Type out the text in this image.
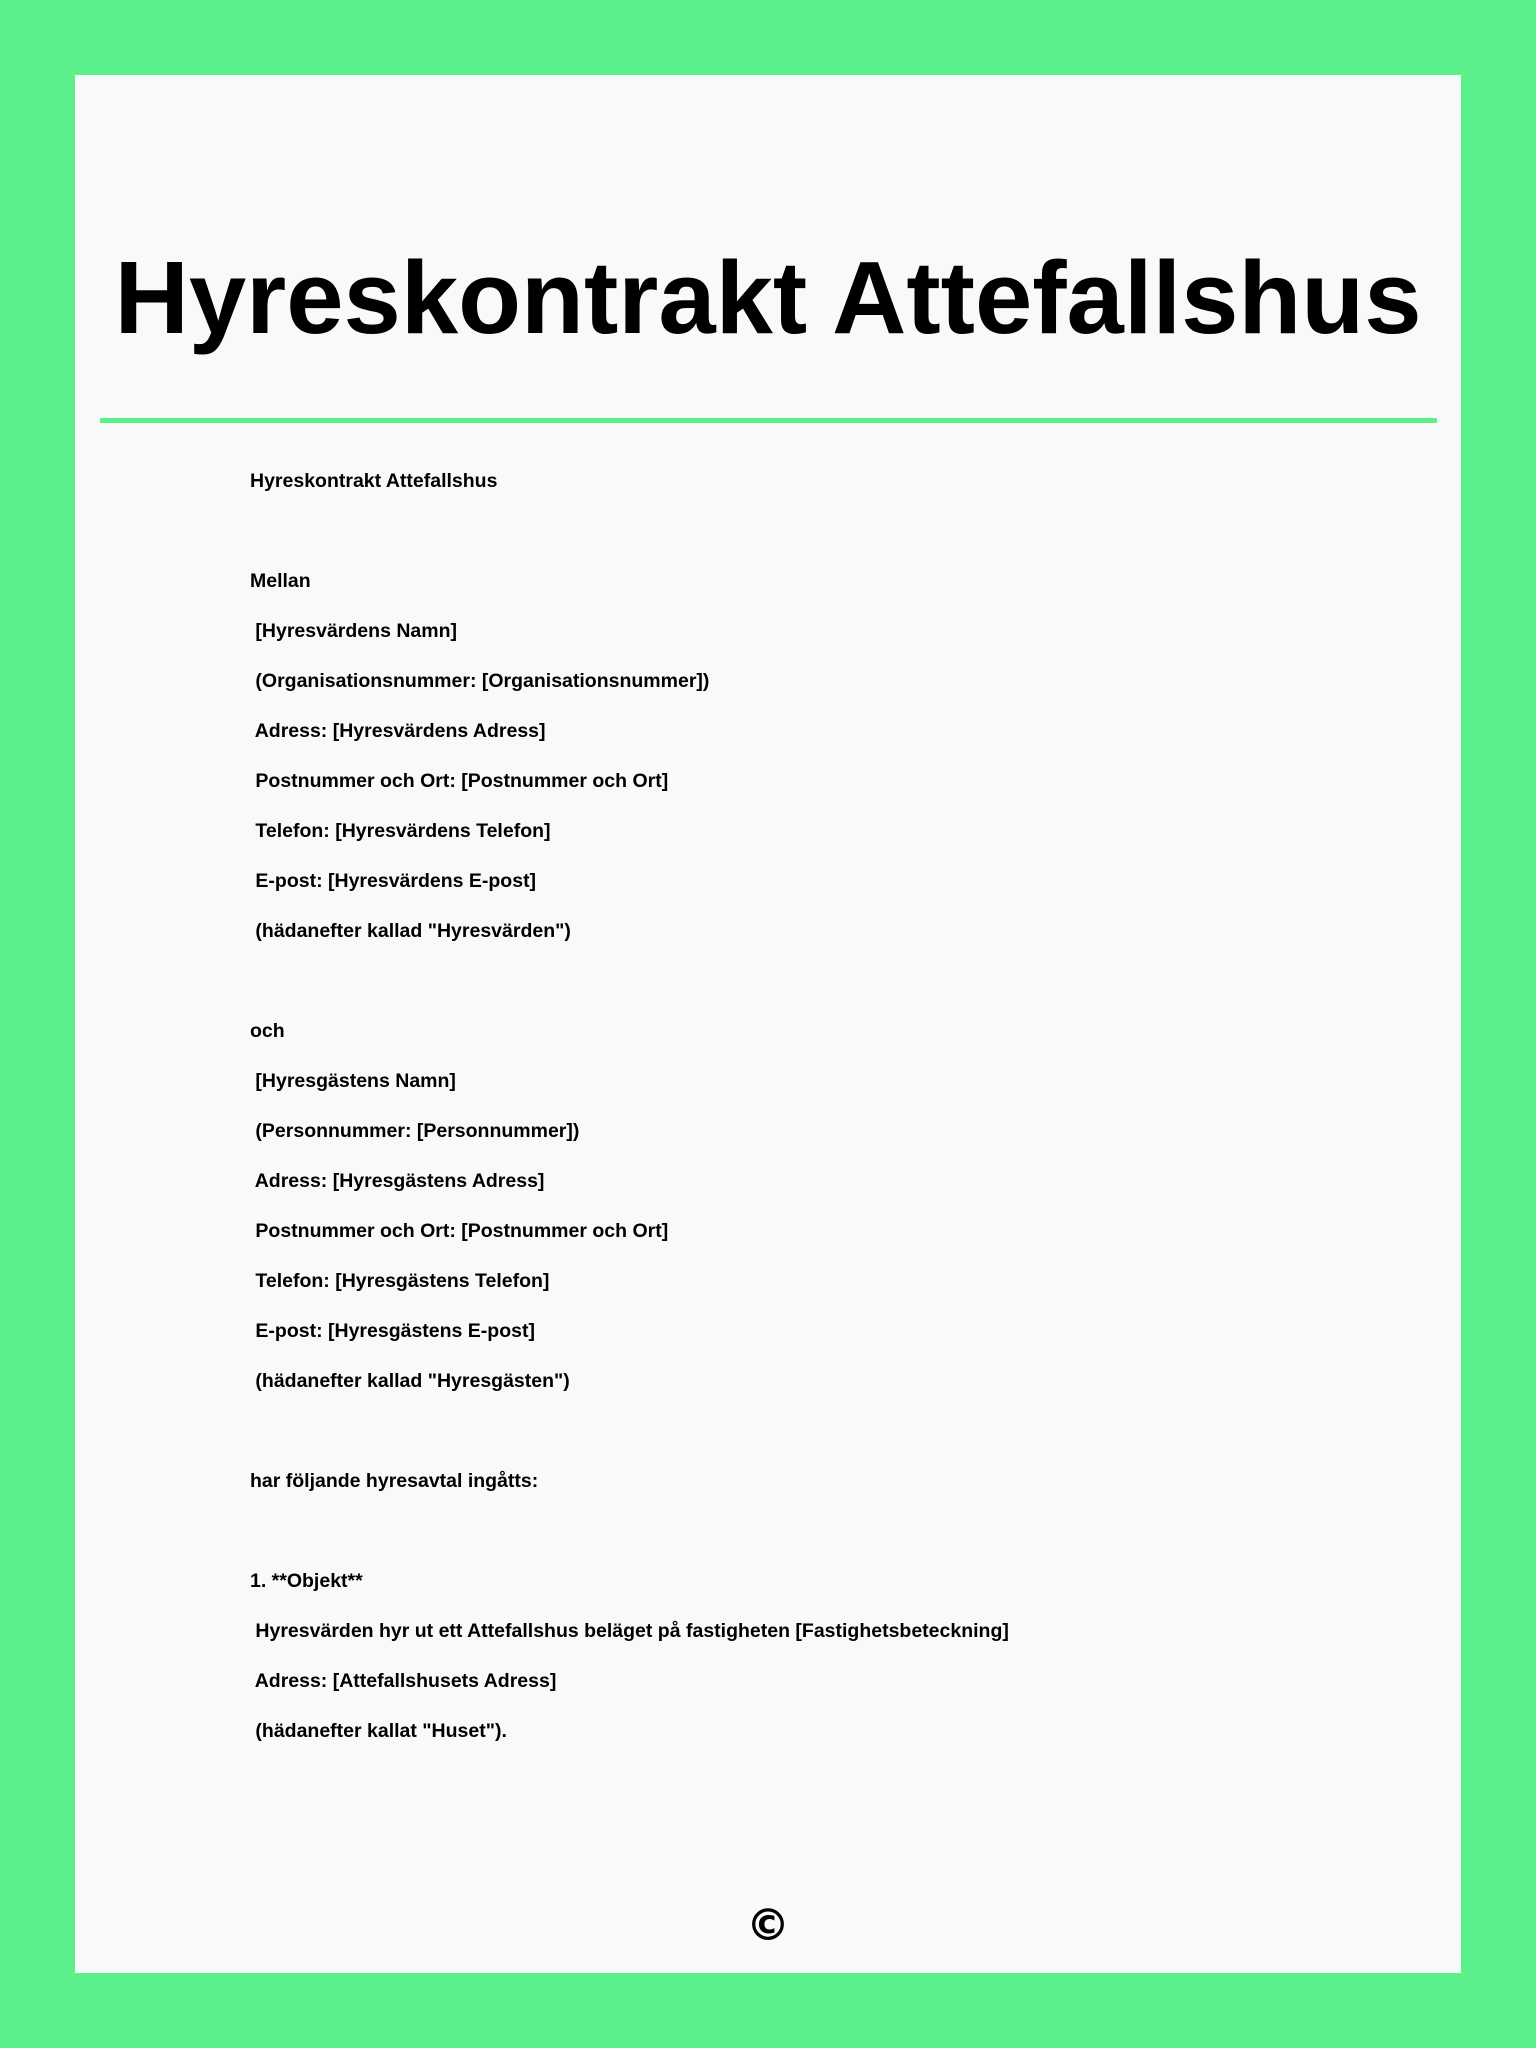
Hyreskontrakt Attefallshus
Hyreskontrakt Attefallshus
Mellan
[Hyresvärdens Namn]
(Organisationsnummer: [Organisationsnummer])
Adress: [Hyresvärdens Adress]
Postnummer och Ort: [Postnummer och Ort]
Telefon: [Hyresvärdens Telefon]
E-post: [Hyresvärdens E-post]
(hädanefter kallad "Hyresvärden")
och
[Hyresgästens Namn]
(Personnummer: [Personnummer])
Adress: [Hyresgästens Adress]
Postnummer och Ort: [Postnummer och Ort]
Telefon: [Hyresgästens Telefon]
E-post: [Hyresgästens E-post]
(hädanefter kallad "Hyresgästen")
har följande hyresavtal ingåtts:
1. **Objekt**
Hyresvärden hyr ut ett Attefallshus beläget på fastigheten [Fastighetsbeteckning]
Adress: [Attefallshusets Adress]
(hädanefter kallat "Huset").
©
